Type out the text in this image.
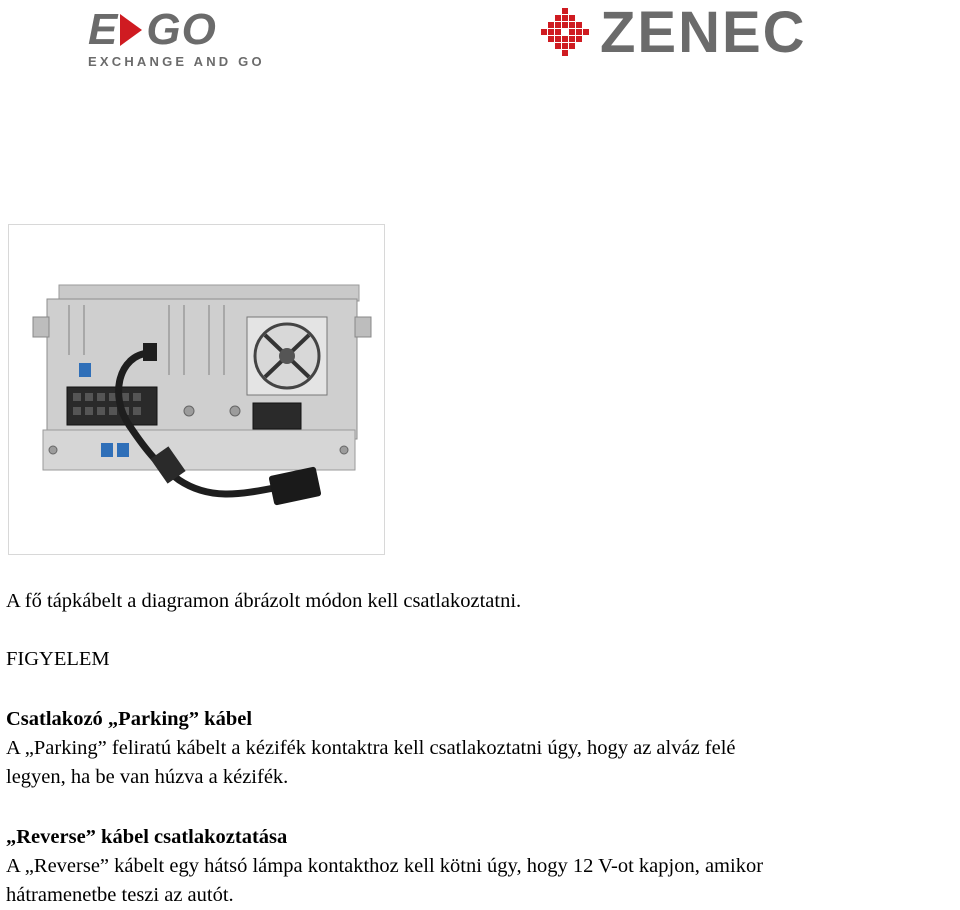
E GO
EXCHANGE AND GO	ZENEC
A fő tápkábelt a diagramon ábrázolt módon kell csatlakoztatni.
FIGYELEM
Csatlakozó „Parking” kábel
A „Parking” feliratú kábelt a kézifék kontaktra kell csatlakoztatni úgy, hogy az alváz felé
legyen, ha be van húzva a kézifék.
„Reverse” kábel csatlakoztatása
A „Reverse” kábelt egy hátsó lámpa kontakthoz kell kötni úgy, hogy 12 V-ot kapjon, amikor
hátramenetbe teszi az autót.
